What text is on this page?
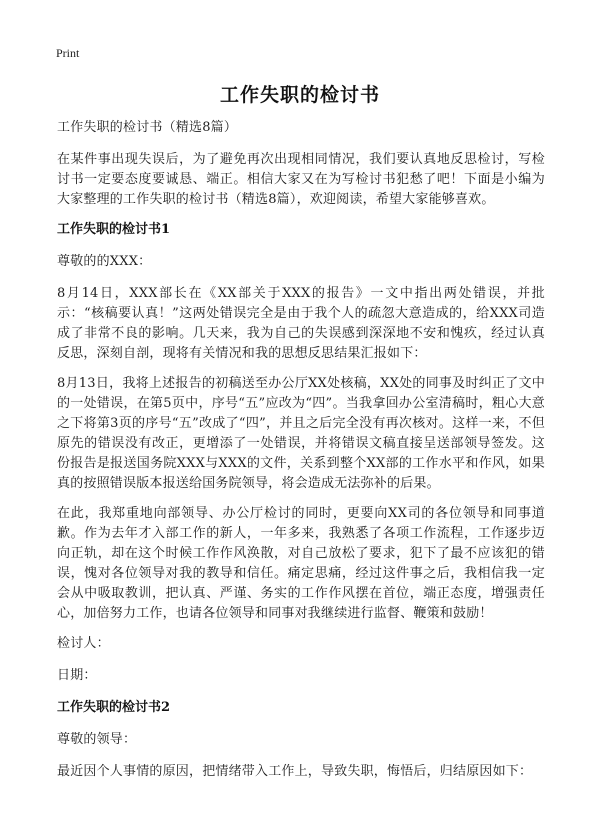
Print
工作失职的检讨书

工作失职的检讨书（精选8篇）

在某件事出现失误后，为了避免再次出现相同情况，我们要认真地反思检讨，写检讨书一定要态度要诚恳、端正。相信大家又在为写检讨书犯愁了吧！下面是小编为大家整理的工作失职的检讨书（精选8篇），欢迎阅读，希望大家能够喜欢。

工作失职的检讨书1

尊敬的的XXX：

8月14日，XXX部长在《XX部关于XXX的报告》一文中指出两处错误，并批示：“核稿要认真！”这两处错误完全是由于我个人的疏忽大意造成的，给XXX司造成了非常不良的影响。几天来，我为自己的失误感到深深地不安和愧疚，经过认真反思，深刻自剖，现将有关情况和我的思想反思结果汇报如下：

8月13日，我将上述报告的初稿送至办公厅XX处核稿，XX处的同事及时纠正了文中的一处错误，在第5页中，序号“五”应改为“四”。当我拿回办公室清稿时，粗心大意之下将第3页的序号“五”改成了“四”，并且之后完全没有再次核对。这样一来，不但原先的错误没有改正，更增添了一处错误，并将错误文稿直接呈送部领导签发。这份报告是报送国务院XXX与XXX的文件，关系到整个XX部的工作水平和作风，如果真的按照错误版本报送给国务院领导，将会造成无法弥补的后果。

在此，我郑重地向部领导、办公厅检讨的同时，更要向XX司的各位领导和同事道歉。作为去年才入部工作的新人，一年多来，我熟悉了各项工作流程，工作逐步迈向正轨，却在这个时候工作作风涣散，对自己放松了要求，犯下了最不应该犯的错误，愧对各位领导对我的教导和信任。痛定思痛，经过这件事之后，我相信我一定会从中吸取教训，把认真、严谨、务实的工作作风摆在首位，端正态度，增强责任心，加倍努力工作，也请各位领导和同事对我继续进行监督、鞭策和鼓励！

检讨人：

日期：

工作失职的检讨书2

尊敬的领导：

最近因个人事情的原因，把情绪带入工作上，导致失职，悔悟后，归结原因如下：
